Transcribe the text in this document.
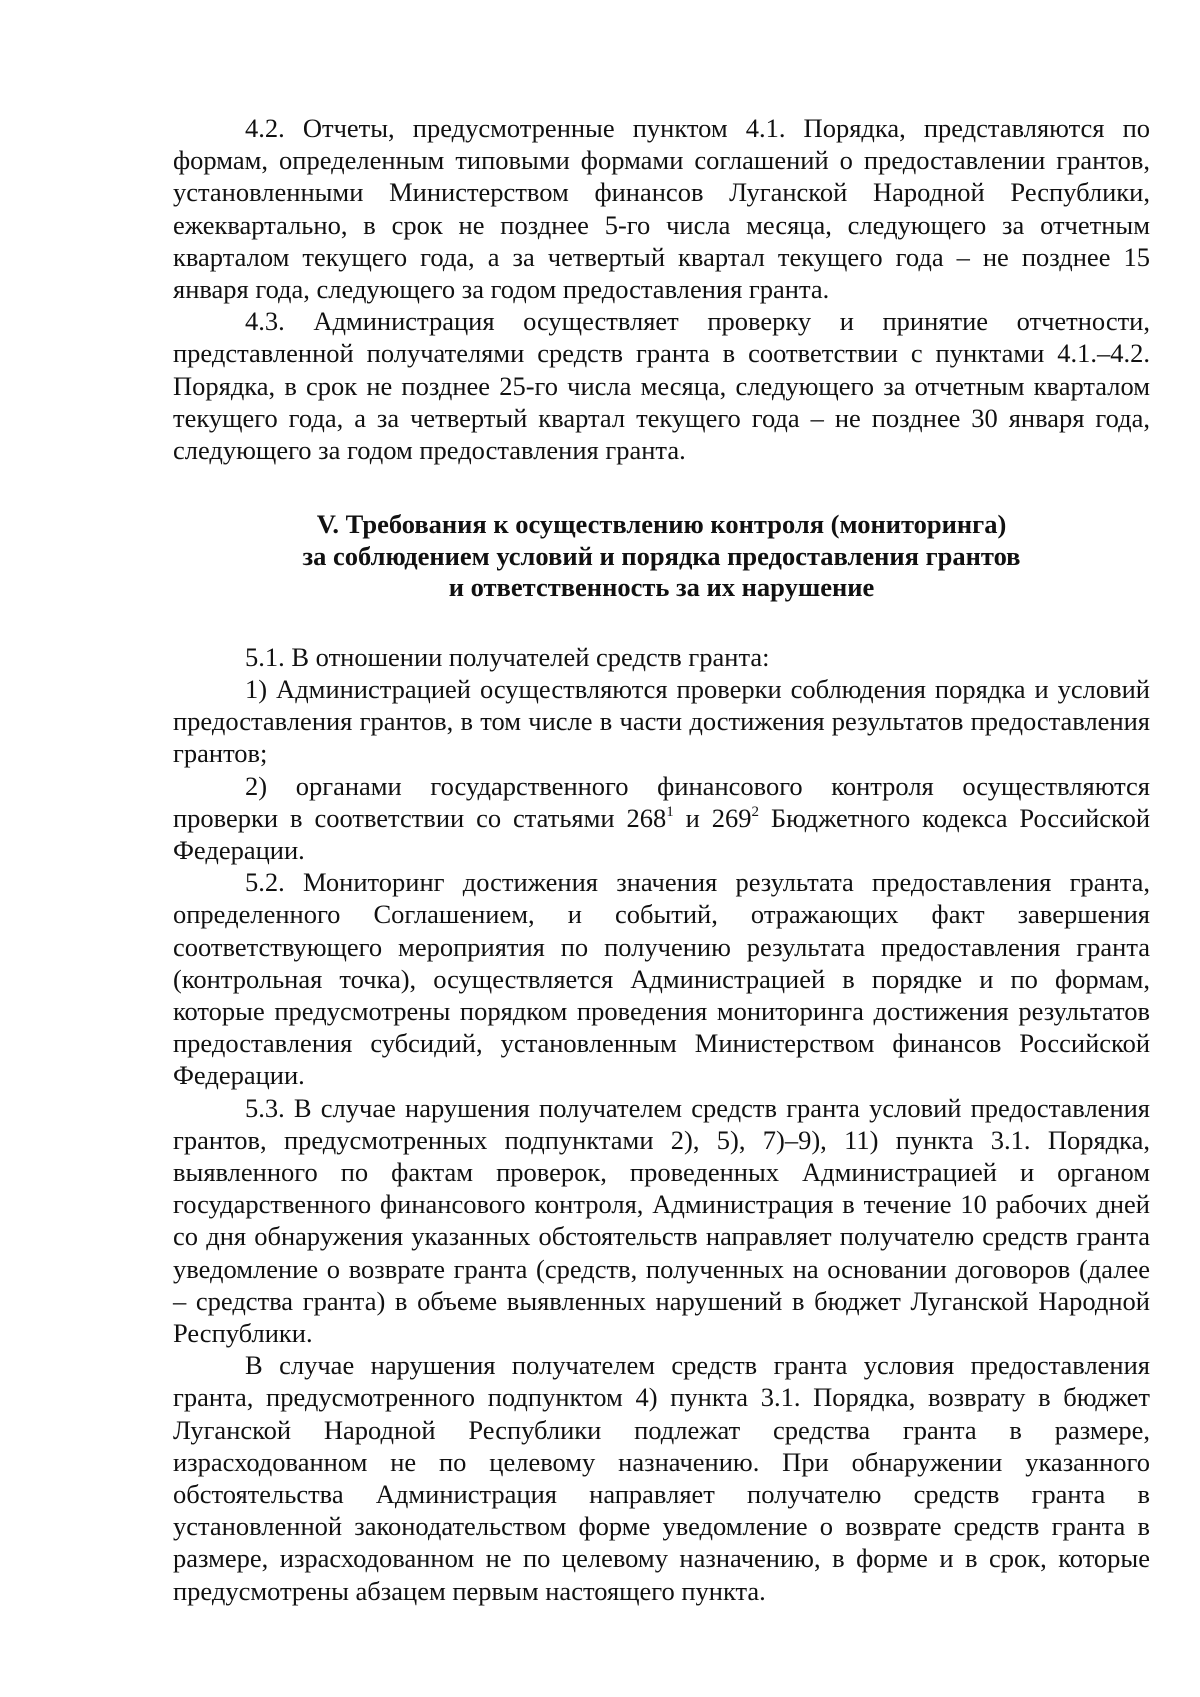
4.2. Отчеты, предусмотренные пунктом 4.1. Порядка, представляются по формам, определенным типовыми формами соглашений о предоставлении грантов, установленными Министерством финансов Луганской Народной Республики, ежеквартально, в срок не позднее 5-го числа месяца, следующего за отчетным кварталом текущего года, а за четвертый квартал текущего года – не позднее 15 января года, следующего за годом предоставления гранта.

4.3. Администрация осуществляет проверку и принятие отчетности, представленной получателями средств гранта в соответствии с пунктами 4.1.–4.2. Порядка, в срок не позднее 25-го числа месяца, следующего за отчетным кварталом текущего года, а за четвертый квартал текущего года – не позднее 30 января года, следующего за годом предоставления гранта.

V. Требования к осуществлению контроля (мониторинга)
за соблюдением условий и порядка предоставления грантов
и ответственность за их нарушение

5.1. В отношении получателей средств гранта:

1) Администрацией осуществляются проверки соблюдения порядка и условий предоставления грантов, в том числе в части достижения результатов предоставления грантов;

2) органами государственного финансового контроля осуществляются проверки в соответствии со статьями $268^1$ и $269^2$ Бюджетного кодекса Российской Федерации.

5.2. Мониторинг достижения значения результата предоставления гранта, определенного Соглашением, и событий, отражающих факт завершения соответствующего мероприятия по получению результата предоставления гранта (контрольная точка), осуществляется Администрацией в порядке и по формам, которые предусмотрены порядком проведения мониторинга достижения результатов предоставления субсидий, установленным Министерством финансов Российской Федерации.

5.3. В случае нарушения получателем средств гранта условий предоставления грантов, предусмотренных подпунктами 2), 5), 7)–9), 11) пункта 3.1. Порядка, выявленного по фактам проверок, проведенных Администрацией и органом государственного финансового контроля, Администрация в течение 10 рабочих дней со дня обнаружения указанных обстоятельств направляет получателю средств гранта уведомление о возврате гранта (средств, полученных на основании договоров (далее – средства гранта) в объеме выявленных нарушений в бюджет Луганской Народной Республики.

В случае нарушения получателем средств гранта условия предоставления гранта, предусмотренного подпунктом 4) пункта 3.1. Порядка, возврату в бюджет Луганской Народной Республики подлежат средства гранта в размере, израсходованном не по целевому назначению. При обнаружении указанного обстоятельства Администрация направляет получателю средств гранта в установленной законодательством форме уведомление о возврате средств гранта в размере, израсходованном не по целевому назначению, в форме и в срок, которые предусмотрены абзацем первым настоящего пункта.
